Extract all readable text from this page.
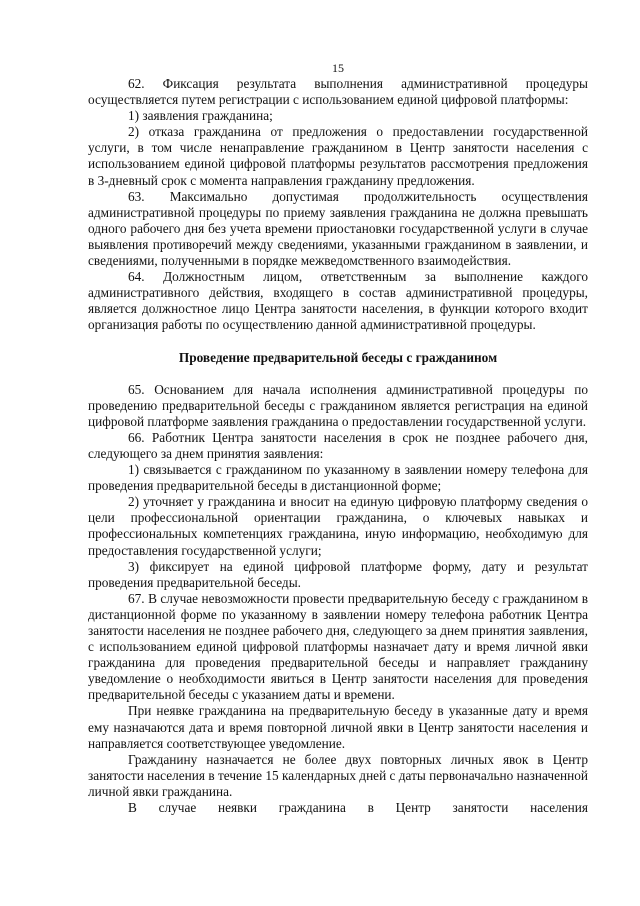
15

62. Фиксация результата выполнения административной процедуры осуществляется путем регистрации с использованием единой цифровой платформы:

1) заявления гражданина;

2) отказа гражданина от предложения о предоставлении государственной услуги, в том числе ненаправление гражданином в Центр занятости населения с использованием единой цифровой платформы результатов рассмотрения предложения в 3-дневный срок с момента направления гражданину предложения.

63. Максимально допустимая продолжительность осуществления административной процедуры по приему заявления гражданина не должна превышать одного рабочего дня без учета времени приостановки государственной услуги в случае выявления противоречий между сведениями, указанными гражданином в заявлении, и сведениями, полученными в порядке межведомственного взаимодействия.

64. Должностным лицом, ответственным за выполнение каждого административного действия, входящего в состав административной процедуры, является должностное лицо Центра занятости населения, в функции которого входит организация работы по осуществлению данной административной процедуры.

Проведение предварительной беседы с гражданином

65. Основанием для начала исполнения административной процедуры по проведению предварительной беседы с гражданином является регистрация на единой цифровой платформе заявления гражданина о предоставлении государственной услуги.

66. Работник Центра занятости населения в срок не позднее рабочего дня, следующего за днем принятия заявления:

1) связывается с гражданином по указанному в заявлении номеру телефона для проведения предварительной беседы в дистанционной форме;

2) уточняет у гражданина и вносит на единую цифровую платформу сведения о цели профессиональной ориентации гражданина, о ключевых навыках и профессиональных компетенциях гражданина, иную информацию, необходимую для предоставления государственной услуги;

3) фиксирует на единой цифровой платформе форму, дату и результат проведения предварительной беседы.

67. В случае невозможности провести предварительную беседу с гражданином в дистанционной форме по указанному в заявлении номеру телефона работник Центра занятости населения не позднее рабочего дня, следующего за днем принятия заявления, с использованием единой цифровой платформы назначает дату и время личной явки гражданина для проведения предварительной беседы и направляет гражданину уведомление о необходимости явиться в Центр занятости населения для проведения предварительной беседы с указанием даты и времени.

При неявке гражданина на предварительную беседу в указанные дату и время ему назначаются дата и время повторной личной явки в Центр занятости населения и направляется соответствующее уведомление.

Гражданину назначается не более двух повторных личных явок в Центр занятости населения в течение 15 календарных дней с даты первоначально назначенной личной явки гражданина.

В случае неявки гражданина в Центр занятости населения
